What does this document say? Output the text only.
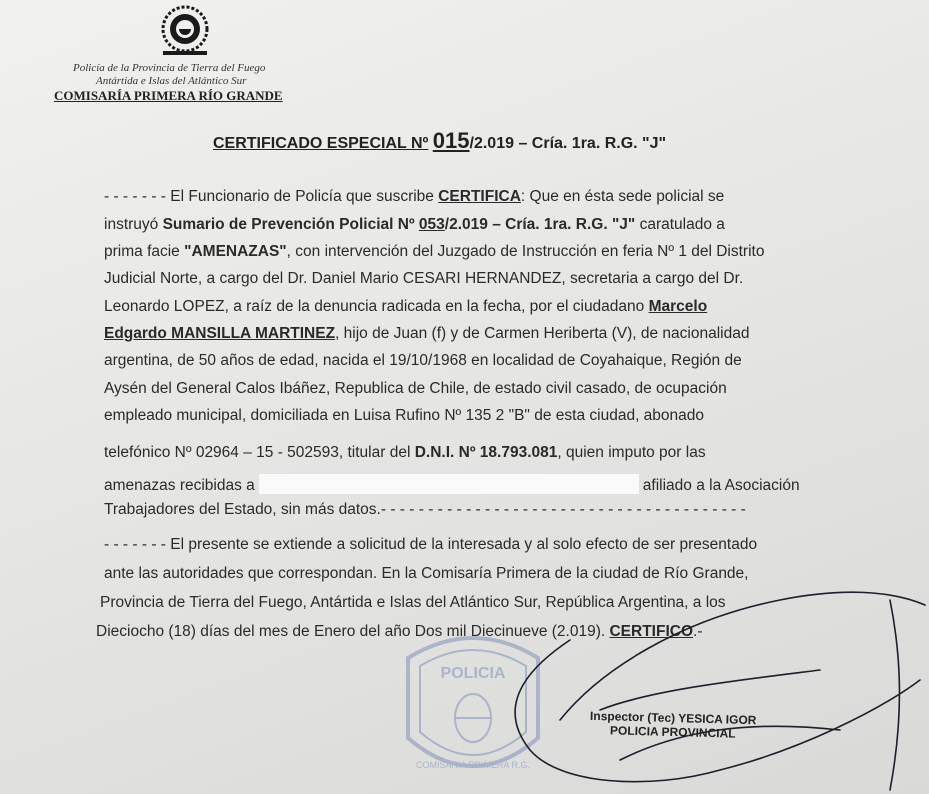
Policía de la Provincia de Tierra del Fuego
Antártida e Islas del Atlántico Sur
COMISARÍA PRIMERA RÍO GRANDE
CERTIFICADO ESPECIAL Nº 015/2.019 – Cría. 1ra. R.G. "J"
- - - - - - - El Funcionario de Policía que suscribe CERTIFICA: Que en ésta sede policial se
instruyó Sumario de Prevención Policial Nº 053/2.019 – Cría. 1ra. R.G. "J" caratulado a
prima facie "AMENAZAS", con intervención del Juzgado de Instrucción en feria Nº 1 del Distrito
Judicial Norte, a cargo del Dr. Daniel Mario CESARI HERNANDEZ, secretaria a cargo del Dr.
Leonardo LOPEZ, a raíz de la denuncia radicada en la fecha, por el ciudadano Marcelo
Edgardo MANSILLA MARTINEZ, hijo de Juan (f) y de Carmen Heriberta (V), de nacionalidad
argentina, de 50 años de edad, nacida el 19/10/1968 en localidad de Coyahaique, Región de
Aysén del General Calos Ibáñez, Republica de Chile, de estado civil casado, de ocupación
empleado municipal, domiciliada en Luisa Rufino Nº 135 2 "B" de esta ciudad, abonado
telefónico Nº 02964 – 15 - 502593, titular del D.N.I. Nº 18.793.081, quien imputo por las
amenazas recibidas a	afiliado a la Asociación
Trabajadores del Estado, sin más datos.- - - - - - - - - - - - - - - - - - - - - - - - - - - - - - - - - - - - - - -
- - - - - - - El presente se extiende a solicitud de la interesada y al solo efecto de ser presentado
ante las autoridades que correspondan. En la Comisaría Primera de la ciudad de Río Grande,
Provincia de Tierra del Fuego, Antártida e Islas del Atlántico Sur, República Argentina, a los
Dieciocho (18) días del mes de Enero del año Dos mil Diecinueve (2.019). CERTIFICO.-
POLICIA
COMISARIA PRIMERA R.G.
Inspector (Tec) YESICA IGOR
POLICIA PROVINCIAL
